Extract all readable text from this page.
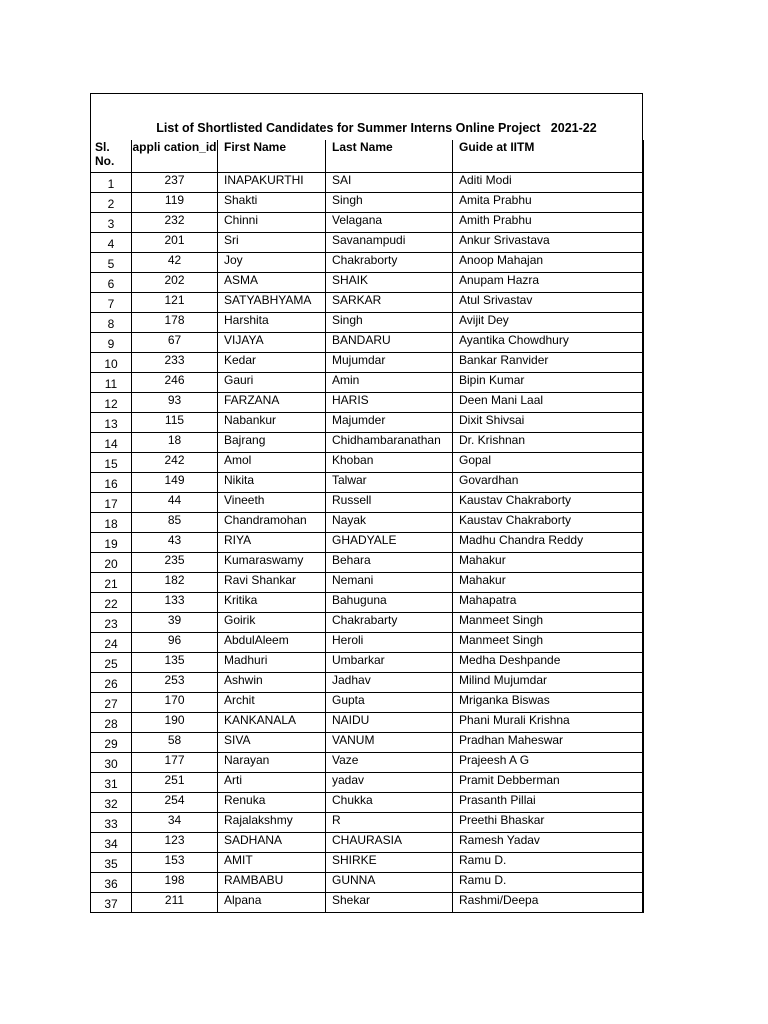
List of Shortlisted Candidates for Summer Interns Online Project   2021-22
Sl. No.	appli cation_id	First Name	Last Name	Guide at IITM
1	237	INAPAKURTHI	SAI	Aditi Modi
2	119	Shakti	Singh	Amita Prabhu
3	232	Chinni	Velagana	Amith Prabhu
4	201	Sri	Savanampudi	Ankur Srivastava
5	42	Joy	Chakraborty	Anoop Mahajan
6	202	ASMA	SHAIK	Anupam Hazra
7	121	SATYABHYAMA	SARKAR	Atul Srivastav
8	178	Harshita	Singh	Avijit Dey
9	67	VIJAYA	BANDARU	Ayantika Chowdhury
10	233	Kedar	Mujumdar	Bankar Ranvider
11	246	Gauri	Amin	Bipin Kumar
12	93	FARZANA	HARIS	Deen Mani Laal
13	115	Nabankur	Majumder	Dixit Shivsai
14	18	Bajrang	Chidhambaranathan	Dr. Krishnan
15	242	Amol	Khoban	Gopal
16	149	Nikita	Talwar	Govardhan
17	44	Vineeth	Russell	Kaustav Chakraborty
18	85	Chandramohan	Nayak	Kaustav Chakraborty
19	43	RIYA	GHADYALE	Madhu Chandra Reddy
20	235	Kumaraswamy	Behara	Mahakur
21	182	Ravi Shankar	Nemani	Mahakur
22	133	Kritika	Bahuguna	Mahapatra
23	39	Goirik	Chakrabarty	Manmeet Singh
24	96	AbdulAleem	Heroli	Manmeet Singh
25	135	Madhuri	Umbarkar	Medha Deshpande
26	253	Ashwin	Jadhav	Milind Mujumdar
27	170	Archit	Gupta	Mriganka Biswas
28	190	KANKANALA	NAIDU	Phani Murali Krishna
29	58	SIVA	VANUM	Pradhan Maheswar
30	177	Narayan	Vaze	Prajeesh A G
31	251	Arti	yadav	Pramit Debberman
32	254	Renuka	Chukka	Prasanth Pillai
33	34	Rajalakshmy	R	Preethi Bhaskar
34	123	SADHANA	CHAURASIA	Ramesh Yadav
35	153	AMIT	SHIRKE	Ramu D.
36	198	RAMBABU	GUNNA	Ramu D.
37	211	Alpana	Shekar	Rashmi/Deepa
